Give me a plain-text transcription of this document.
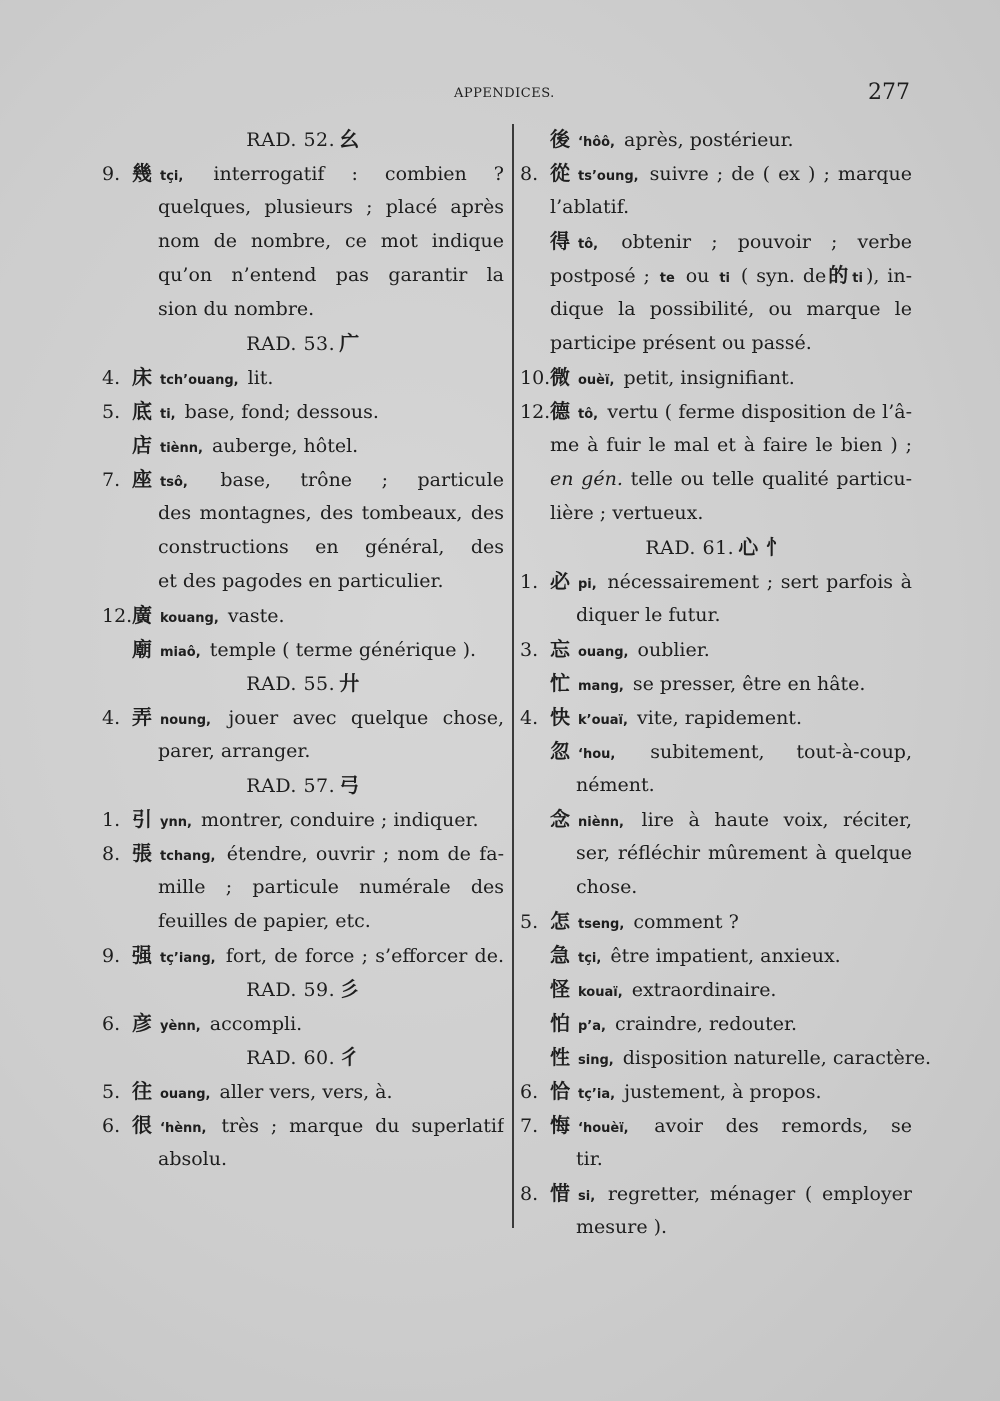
APPENDICES.	277
RAD. 52. 幺
9. 幾 tçi, interrogatif : combien ?
quelques, plusieurs ; placé après
nom de nombre, ce mot indique
qu’on n’entend pas garantir la
sion du nombre.
RAD. 53. 广
4. 床 tch’ouang, lit.
5. 底 ti, base, fond; dessous.
店tiènn, auberge, hôtel.
7. 座 tsô, base, trône ; particule
des montagnes, des tombeaux, des
constructions en général, des
et des pagodes en particulier.
12.廣 kouang, vaste.
廟miaô, temple ( terme générique ).
RAD. 55. 廾
4. 弄 noung, jouer avec quelque chose,
parer, arranger.
RAD. 57. 弓
1. 引 ynn, montrer, conduire ; indiquer.
8. 張 tchang, étendre, ouvrir ; nom de fa-
mille ; particule numérale des
feuilles de papier, etc.
9. 强 tç’iang, fort, de force ; s’efforcer de.
RAD. 59. 彡
6. 彦 yènn, accompli.
RAD. 60. 彳
5. 往 ouang, aller vers, vers, à.
6. 很 ‘hènn, très ; marque du superlatif
absolu.
後 ‘hôô, après, postérieur.
8. 從 ts’oung, suivre ; de ( ex ) ; marque
l’ablatif.
得tô, obtenir ; pouvoir ; verbe
postposé ; te ou ti ( syn. de 的 ti ), in-
dique la possibilité, ou marque le
participe présent ou passé.
10.微 ouèï, petit, insignifiant.
12.德 tô, vertu ( ferme disposition de l’â-
me à fuir le mal et à faire le bien ) ;
en gén. telle ou telle qualité particu-
lière ; vertueux.
RAD. 61. 心 忄
1. 必 pi, nécessairement ; sert parfois à
diquer le futur.
3. 忘 ouang, oublier.
忙mang, se presser, être en hâte.
4. 快 k’ouaï, vite, rapidement.
忽 ‘hou, subitement, tout-à-coup,
nément.
念niènn, lire à haute voix, réciter,
ser, réfléchir mûrement à quelque
chose.
5. 怎 tseng, comment ?
急tçi, être impatient, anxieux.
怪kouaï, extraordinaire.
怕p’a, craindre, redouter.
性sing, disposition naturelle, caractère.
6. 恰 tç’ia, justement, à propos.
7. 悔 ‘houèï, avoir des remords, se
tir.
8. 惜 si, regretter, ménager ( employer
mesure ).
